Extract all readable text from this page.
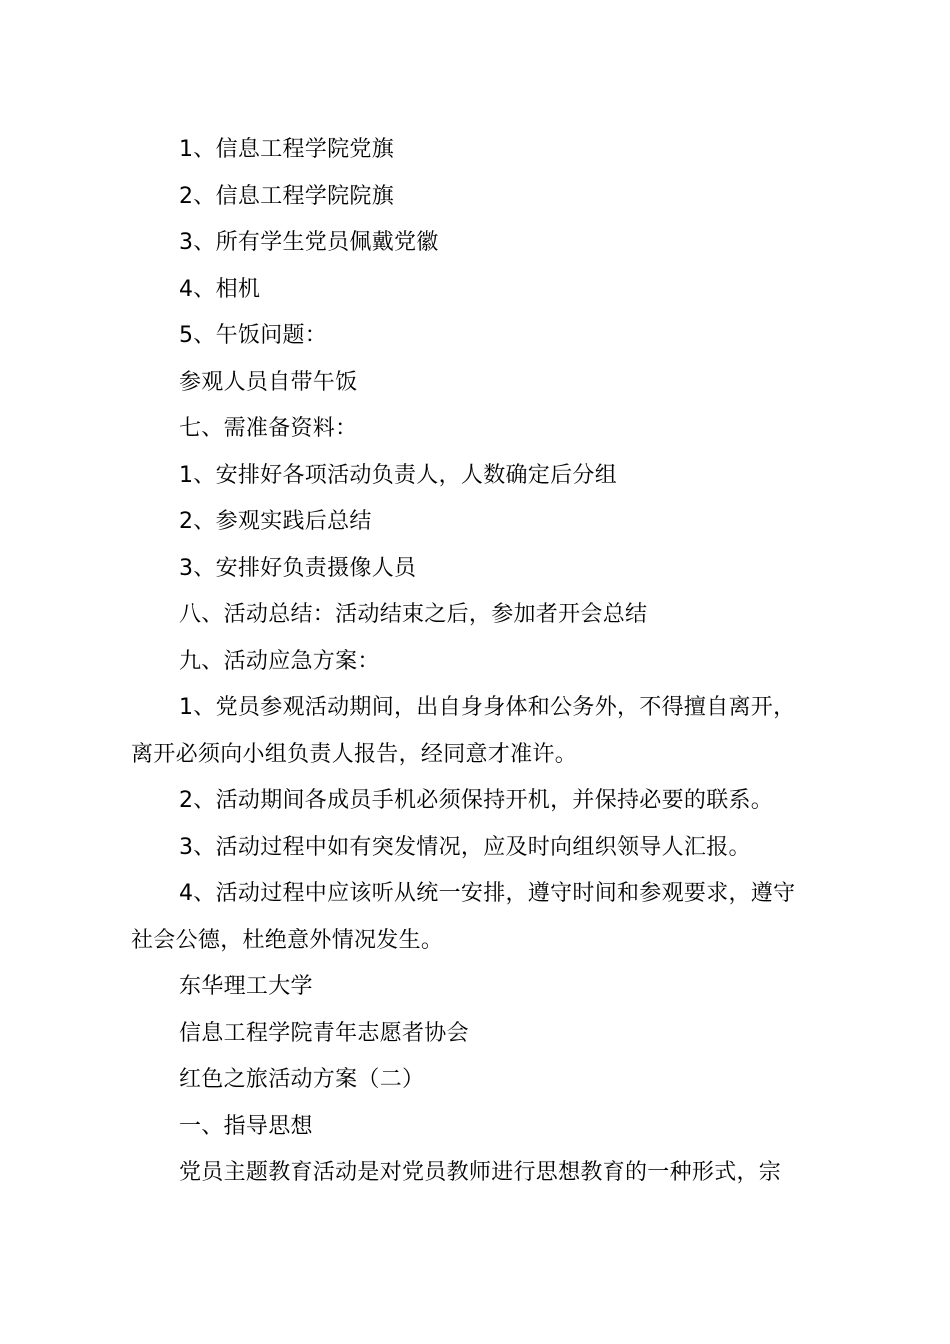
1、信息工程学院党旗
2、信息工程学院院旗
3、所有学生党员佩戴党徽
4、相机
5、午饭问题：
参观人员自带午饭
七、需准备资料：
1、安排好各项活动负责人，人数确定后分组
2、参观实践后总结
3、安排好负责摄像人员
八、活动总结：活动结束之后，参加者开会总结
九、活动应急方案：
1、党员参观活动期间，出自身身体和公务外，不得擅自离开，
离开必须向小组负责人报告，经同意才准许。
2、活动期间各成员手机必须保持开机，并保持必要的联系。
3、活动过程中如有突发情况，应及时向组织领导人汇报。
4、活动过程中应该听从统一安排，遵守时间和参观要求，遵守
社会公德，杜绝意外情况发生。
东华理工大学
信息工程学院青年志愿者协会
红色之旅活动方案（二）
一、指导思想
党员主题教育活动是对党员教师进行思想教育的一种形式，宗
